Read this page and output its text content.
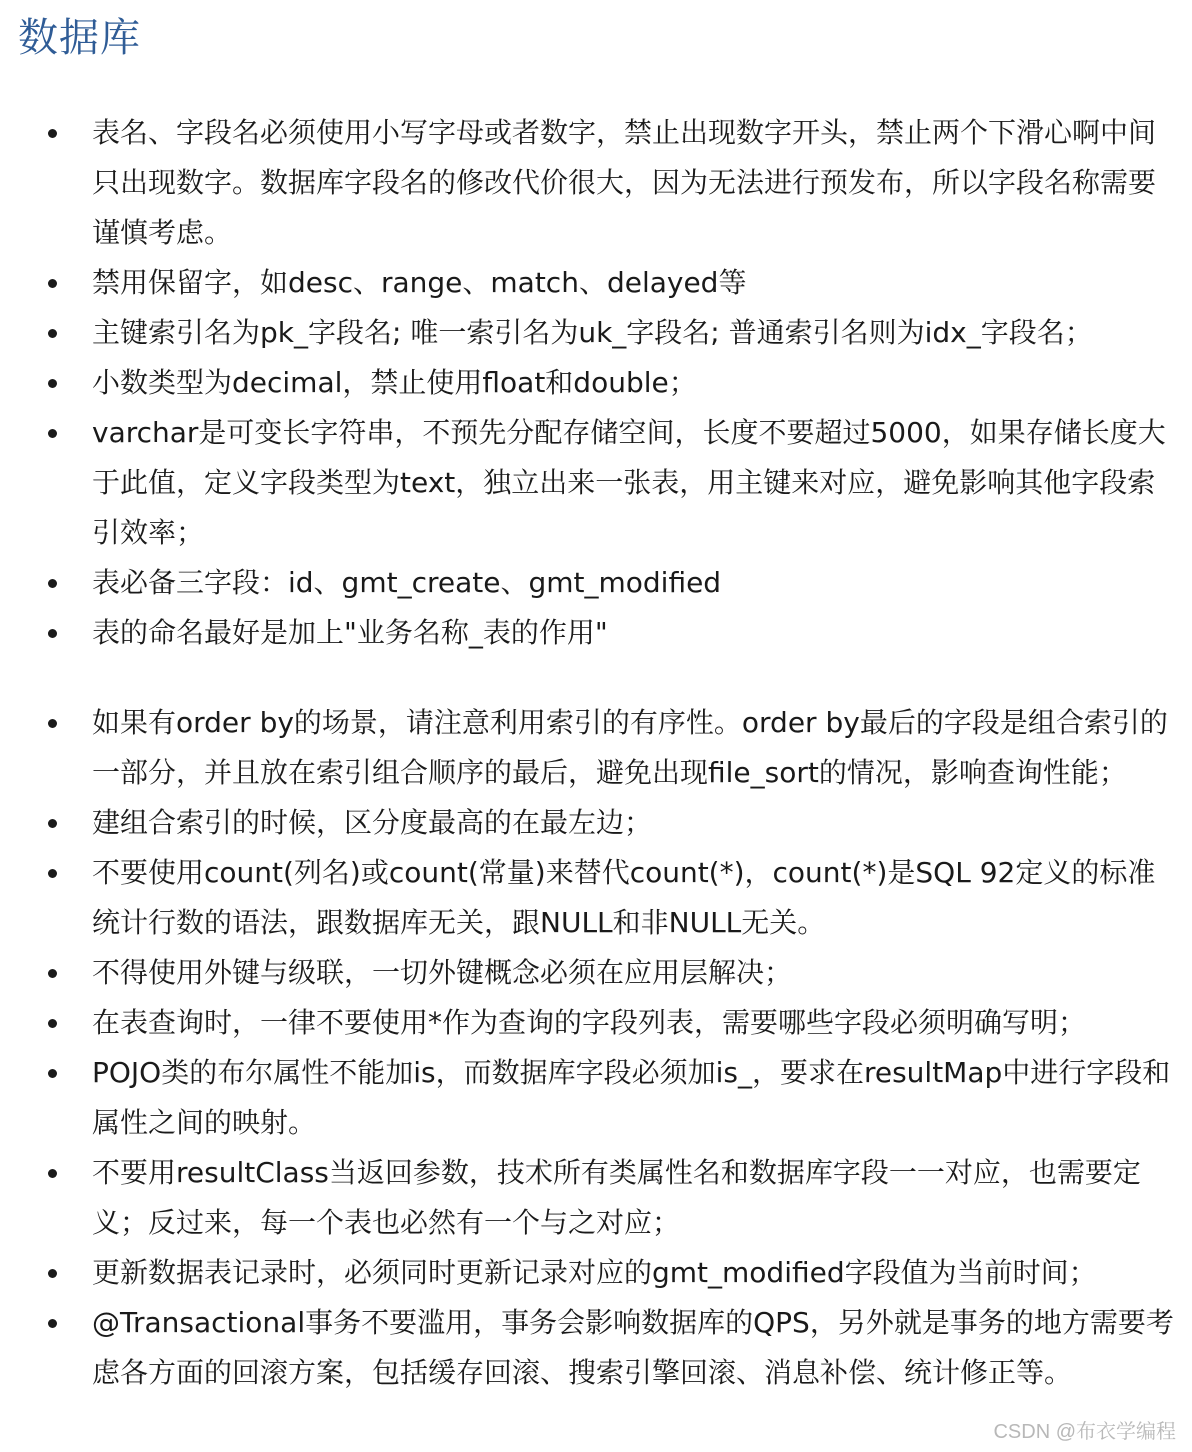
数据库
表名、字段名必须使用小写字母或者数字，禁止出现数字开头，禁止两个下滑心啊中间只出现数字。数据库字段名的修改代价很大，因为无法进行预发布，所以字段名称需要谨慎考虑。
禁用保留字，如desc、range、match、delayed等
主键索引名为pk_字段名; 唯一索引名为uk_字段名; 普通索引名则为idx_字段名；
小数类型为decimal，禁止使用float和double；
varchar是可变长字符串，不预先分配存储空间，长度不要超过5000，如果存储长度大于此值，定义字段类型为text，独立出来一张表，用主键来对应，避免影响其他字段索引效率；
表必备三字段：id、gmt_create、gmt_modified
表的命名最好是加上"业务名称_表的作用"
如果有order by的场景，请注意利用索引的有序性。order by最后的字段是组合索引的一部分，并且放在索引组合顺序的最后，避免出现file_sort的情况，影响查询性能；
建组合索引的时候，区分度最高的在最左边；
不要使用count(列名)或count(常量)来替代count(*)，count(*)是SQL 92定义的标准统计行数的语法，跟数据库无关，跟NULL和非NULL无关。
不得使用外键与级联，一切外键概念必须在应用层解决；
在表查询时，一律不要使用*作为查询的字段列表，需要哪些字段必须明确写明；
POJO类的布尔属性不能加is，而数据库字段必须加is_，要求在resultMap中进行字段和属性之间的映射。
不要用resultClass当返回参数，技术所有类属性名和数据库字段一一对应，也需要定义；反过来，每一个表也必然有一个与之对应；
更新数据表记录时，必须同时更新记录对应的gmt_modified字段值为当前时间；
@Transactional事务不要滥用，事务会影响数据库的QPS，另外就是事务的地方需要考虑各方面的回滚方案，包括缓存回滚、搜索引擎回滚、消息补偿、统计修正等。
CSDN @布衣学编程
